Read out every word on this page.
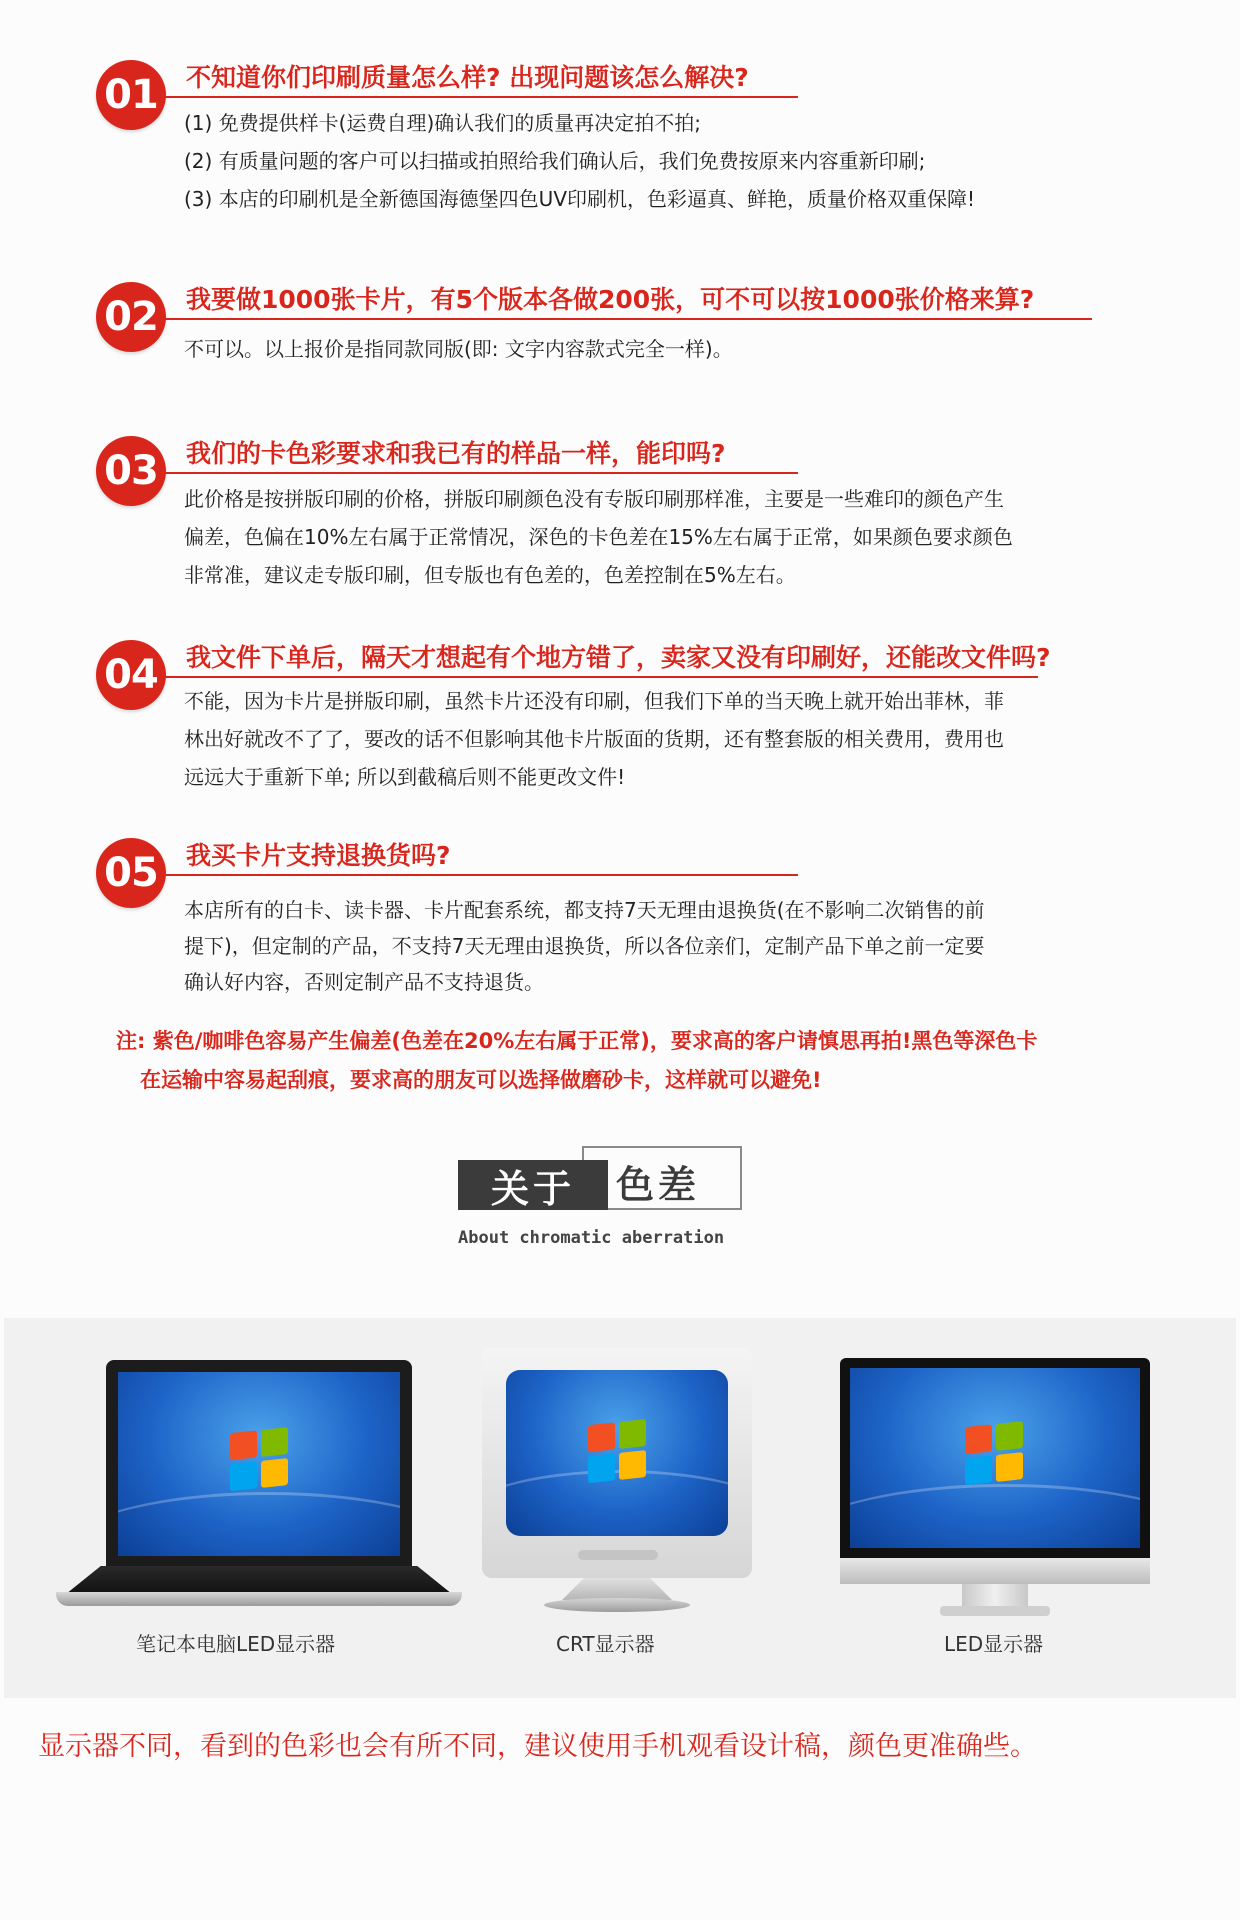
01	不知道你们印刷质量怎么样? 出现问题该怎么解决?

(1) 免费提供样卡(运费自理)确认我们的质量再决定拍不拍;

(2) 有质量问题的客户可以扫描或拍照给我们确认后，我们免费按原来内容重新印刷;

(3) 本店的印刷机是全新德国海德堡四色UV印刷机，色彩逼真、鲜艳，质量价格双重保障!

02	我要做1000张卡片，有5个版本各做200张，可不可以按1000张价格来算?

不可以。以上报价是指同款同版(即: 文字内容款式完全一样)。

03	我们的卡色彩要求和我已有的样品一样，能印吗?

此价格是按拼版印刷的价格，拼版印刷颜色没有专版印刷那样准，主要是一些难印的颜色产生

偏差，色偏在10%左右属于正常情况，深色的卡色差在15%左右属于正常，如果颜色要求颜色

非常准，建议走专版印刷，但专版也有色差的，色差控制在5%左右。

04	我文件下单后，隔天才想起有个地方错了，卖家又没有印刷好，还能改文件吗?

不能，因为卡片是拼版印刷，虽然卡片还没有印刷，但我们下单的当天晚上就开始出菲林，菲

林出好就改不了了，要改的话不但影响其他卡片版面的货期，还有整套版的相关费用，费用也

远远大于重新下单; 所以到截稿后则不能更改文件!

05	我买卡片支持退换货吗?

本店所有的白卡、读卡器、卡片配套系统，都支持7天无理由退换货(在不影响二次销售的前

提下)，但定制的产品，不支持7天无理由退换货，所以各位亲们，定制产品下单之前一定要

确认好内容，否则定制产品不支持退货。

注: 紫色/咖啡色容易产生偏差(色差在20%左右属于正常)，要求高的客户请慎思再拍!黑色等深色卡

在运输中容易起刮痕，要求高的朋友可以选择做磨砂卡，这样就可以避免!

色差
关于
About chromatic aberration
笔记本电脑LED显示器	CRT显示器	LED显示器
显示器不同，看到的色彩也会有所不同，建议使用手机观看设计稿，颜色更准确些。
